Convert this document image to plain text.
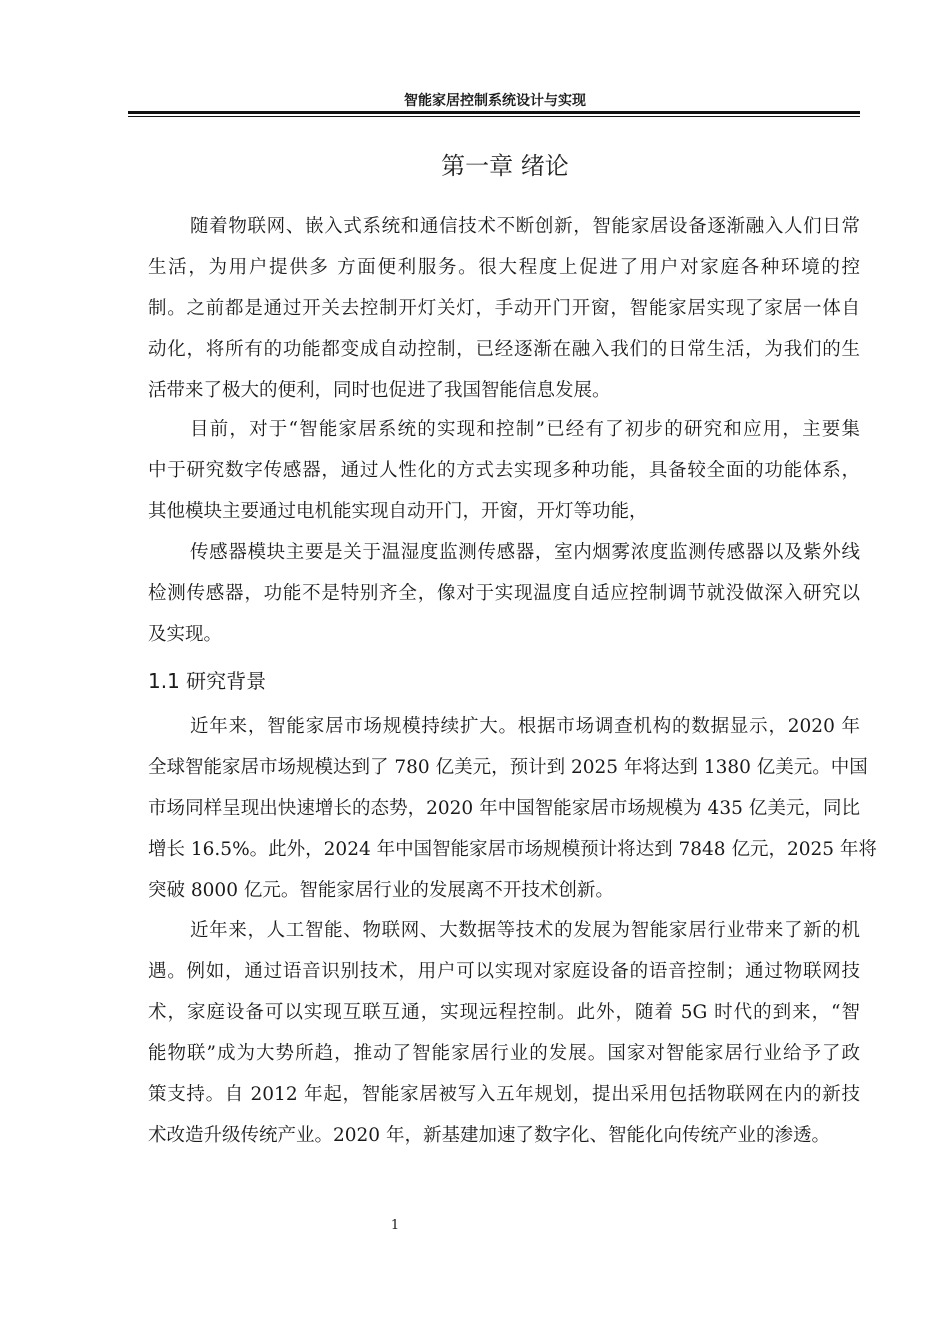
智能家居控制系统设计与实现
第一章 绪论
随着物联网、嵌入式系统和通信技术不断创新，智能家居设备逐渐融入人们日常
生活，为用户提供多 方面便利服务。很大程度上促进了用户对家庭各种环境的控
制。之前都是通过开关去控制开灯关灯，手动开门开窗，智能家居实现了家居一体自
动化，将所有的功能都变成自动控制，已经逐渐在融入我们的日常生活，为我们的生
活带来了极大的便利，同时也促进了我国智能信息发展。
目前，对于“智能家居系统的实现和控制”已经有了初步的研究和应用，主要集
中于研究数字传感器，通过人性化的方式去实现多种功能，具备较全面的功能体系，
其他模块主要通过电机能实现自动开门，开窗，开灯等功能，
传感器模块主要是关于温湿度监测传感器，室内烟雾浓度监测传感器以及紫外线
检测传感器，功能不是特别齐全，像对于实现温度自适应控制调节就没做深入研究以
及实现。
1.1 研究背景
近年来，智能家居市场规模持续扩大。根据市场调查机构的数据显示，2020 年
全球智能家居市场规模达到了 780 亿美元，预计到 2025 年将达到 1380 亿美元。中国
市场同样呈现出快速增长的态势，2020 年中国智能家居市场规模为 435 亿美元，同比
增长 16.5%。此外，2024 年中国智能家居市场规模预计将达到 7848 亿元，2025 年将
突破 8000 亿元。智能家居行业的发展离不开技术创新。
近年来，人工智能、物联网、大数据等技术的发展为智能家居行业带来了新的机
遇。例如，通过语音识别技术，用户可以实现对家庭设备的语音控制；通过物联网技
术，家庭设备可以实现互联互通，实现远程控制。此外，随着 5G 时代的到来，“智
能物联”成为大势所趋，推动了智能家居行业的发展。国家对智能家居行业给予了政
策支持。自 2012 年起，智能家居被写入五年规划，提出采用包括物联网在内的新技
术改造升级传统产业。2020 年，新基建加速了数字化、智能化向传统产业的渗透。
1
